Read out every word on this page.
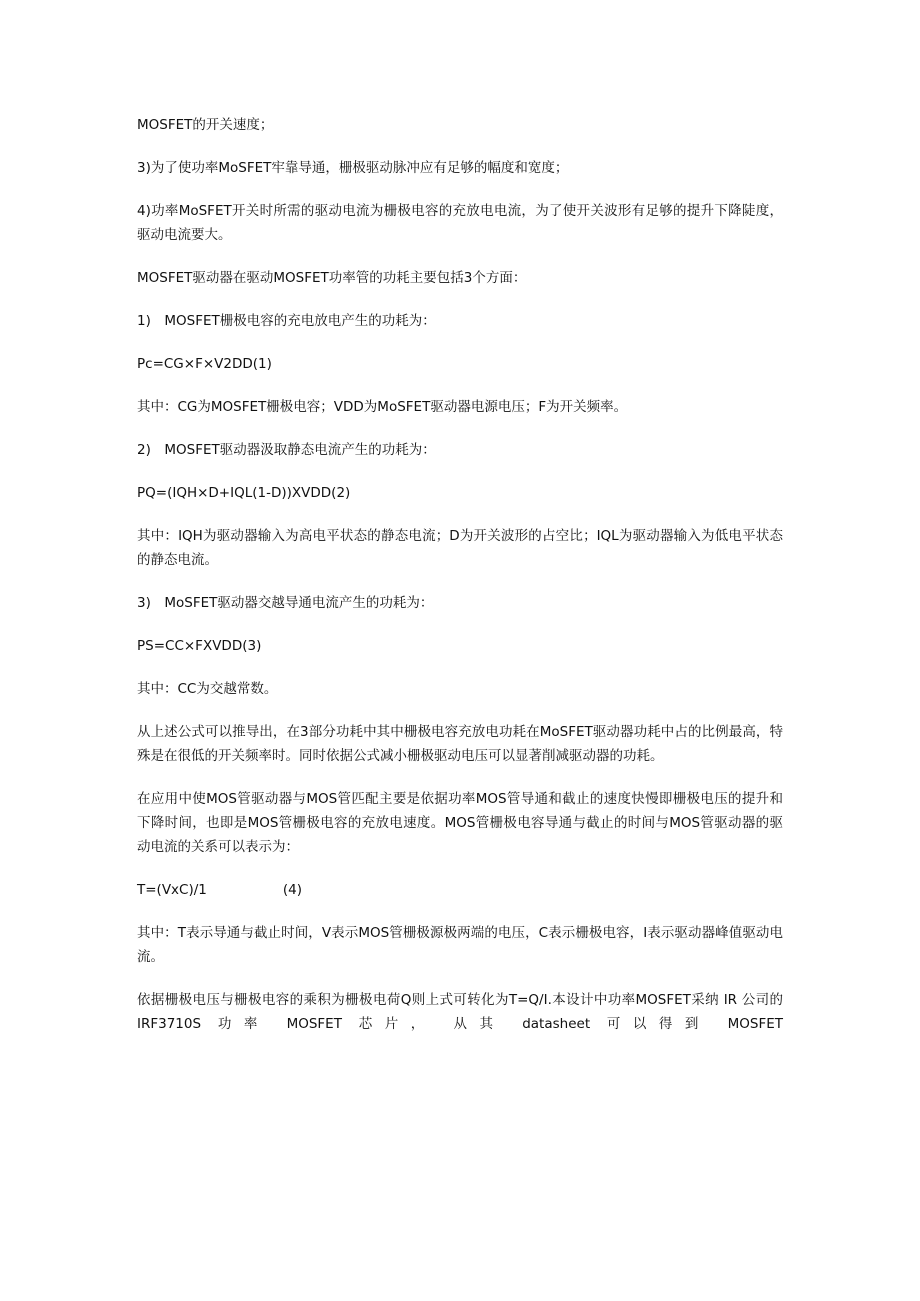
MOSFET的开关速度；

3)为了使功率MoSFET牢靠导通，栅极驱动脉冲应有足够的幅度和宽度；

4)功率MoSFET开关时所需的驱动电流为栅极电容的充放电电流，为了使开关波形有足够的提升下降陡度，驱动电流要大。

MOSFET驱动器在驱动MOSFET功率管的功耗主要包括3个方面：

1)　MOSFET栅极电容的充电放电产生的功耗为：

Pc=CG×F×V2DD(1)

其中：CG为MOSFET栅极电容；VDD为MoSFET驱动器电源电压；F为开关频率。

2)　MOSFET驱动器汲取静态电流产生的功耗为：

PQ=(IQH×D+IQL(1-D))XVDD(2)

其中：IQH为驱动器输入为高电平状态的静态电流；D为开关波形的占空比；IQL为驱动器输入为低电平状态的静态电流。

3)　MoSFET驱动器交越导通电流产生的功耗为：

PS=CC×FXVDD(3)

其中：CC为交越常数。

从上述公式可以推导出，在3部分功耗中其中栅极电容充放电功耗在MoSFET驱动器功耗中占的比例最高，特殊是在很低的开关频率时。同时依据公式减小栅极驱动电压可以显著削减驱动器的功耗。

在应用中使MOS管驱动器与MOS管匹配主要是依据功率MOS管导通和截止的速度快慢即栅极电压的提升和下降时间，也即是MOS管栅极电容的充放电速度。MOS管栅极电容导通与截止的时间与MOS管驱动器的驱动电流的关系可以表示为：

T=(VxC)/1	(4)

其中：T表示导通与截止时间，V表示MOS管栅极源极两端的电压，C表示栅极电容，I表示驱动器峰值驱动电流。

依据栅极电压与栅极电容的乘积为栅极电荷Q则上式可转化为T=Q/I.本设计中功率MOSFET采纳 IR 公司的 IRF3710S 功率 MOSFET 芯片， 从其 datasheet 可以得到 MOSFET
